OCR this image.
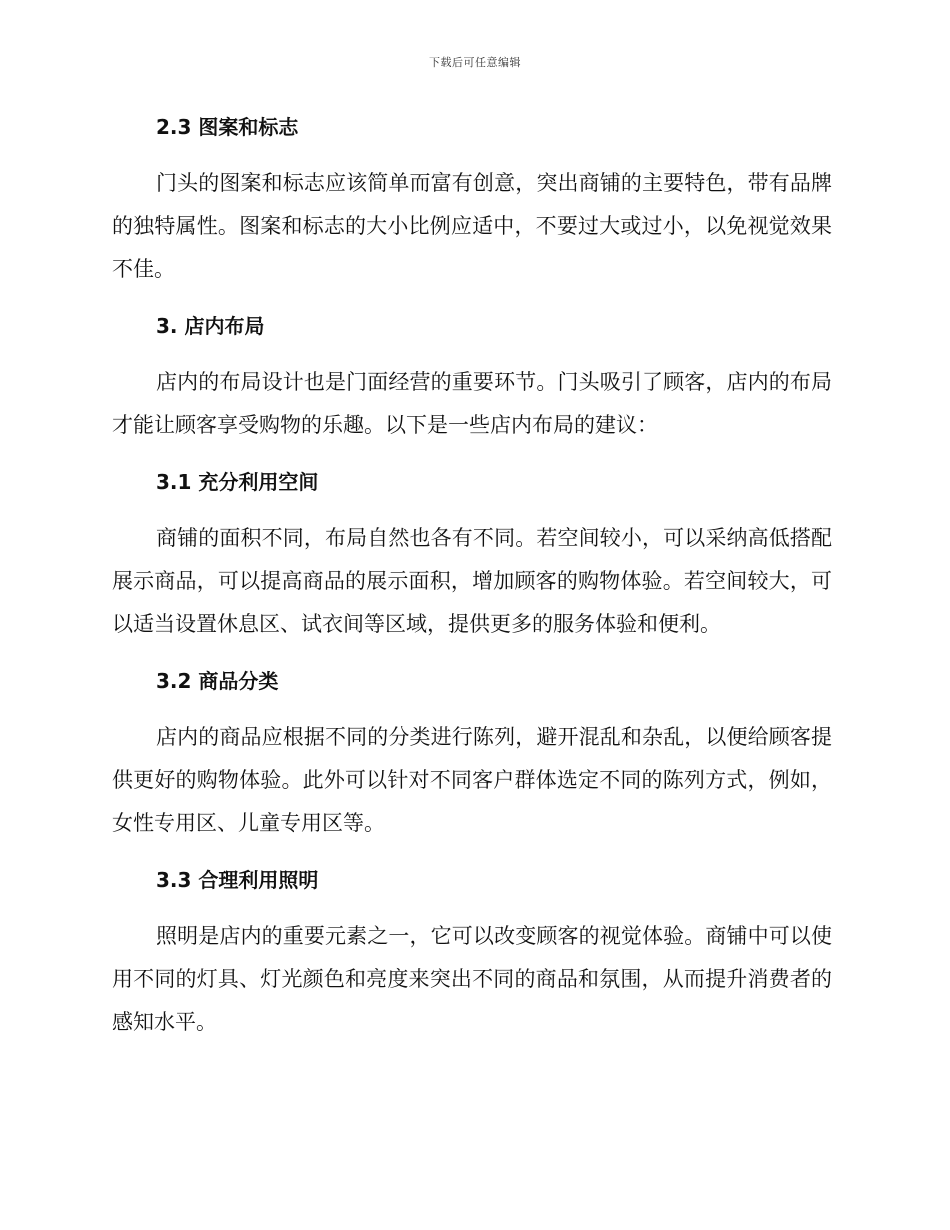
下载后可任意编辑
2.3 图案和标志

门头的图案和标志应该简单而富有创意，突出商铺的主要特色，带有品牌的独特属性。图案和标志的大小比例应适中，不要过大或过小，以免视觉效果不佳。

3. 店内布局

店内的布局设计也是门面经营的重要环节。门头吸引了顾客，店内的布局才能让顾客享受购物的乐趣。以下是一些店内布局的建议：

3.1 充分利用空间

商铺的面积不同，布局自然也各有不同。若空间较小，可以采纳高低搭配展示商品，可以提高商品的展示面积，增加顾客的购物体验。若空间较大，可以适当设置休息区、试衣间等区域，提供更多的服务体验和便利。

3.2 商品分类

店内的商品应根据不同的分类进行陈列，避开混乱和杂乱，以便给顾客提供更好的购物体验。此外可以针对不同客户群体选定不同的陈列方式，例如，女性专用区、儿童专用区等。

3.3 合理利用照明

照明是店内的重要元素之一，它可以改变顾客的视觉体验。商铺中可以使用不同的灯具、灯光颜色和亮度来突出不同的商品和氛围，从而提升消费者的感知水平。
